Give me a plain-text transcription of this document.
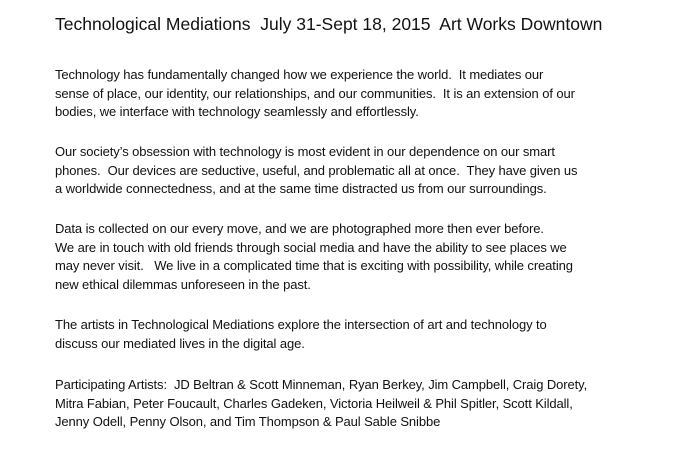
Technological Mediations  July 31-Sept 18, 2015  Art Works Downtown
Technology has fundamentally changed how we experience the world.  It mediates our
sense of place, our identity, our relationships, and our communities.  It is an extension of our
bodies, we interface with technology seamlessly and effortlessly.
Our society’s obsession with technology is most evident in our dependence on our smart
phones.  Our devices are seductive, useful, and problematic all at once.  They have given us
a worldwide connectedness, and at the same time distracted us from our surroundings.
Data is collected on our every move, and we are photographed more then ever before.
We are in touch with old friends through social media and have the ability to see places we
may never visit.   We live in a complicated time that is exciting with possibility, while creating
new ethical dilemmas unforeseen in the past.
The artists in Technological Mediations explore the intersection of art and technology to
discuss our mediated lives in the digital age.
Participating Artists:  JD Beltran & Scott Minneman, Ryan Berkey, Jim Campbell, Craig Dorety,
Mitra Fabian, Peter Foucault, Charles Gadeken, Victoria Heilweil & Phil Spitler, Scott Kildall,
Jenny Odell, Penny Olson, and Tim Thompson & Paul Sable Snibbe
